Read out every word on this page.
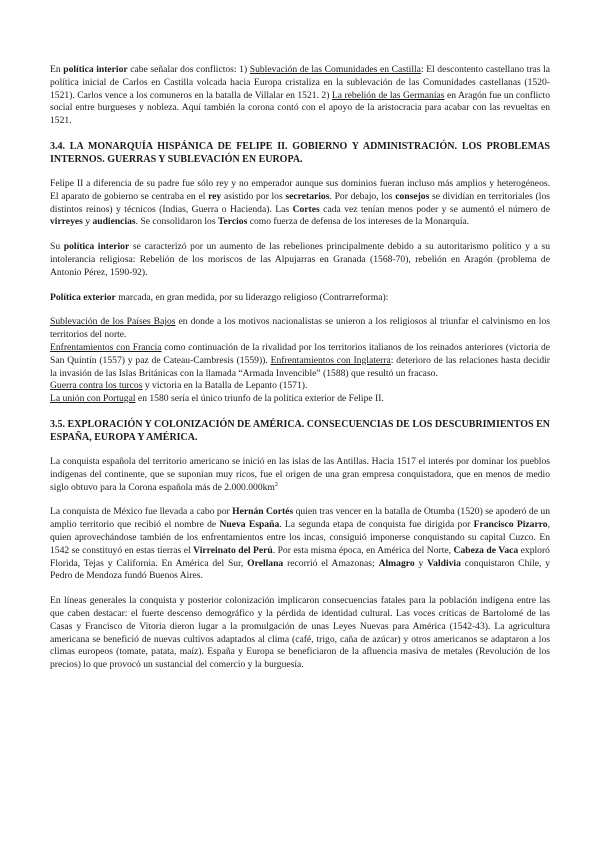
En política interior cabe señalar dos conflictos: 1) Sublevación de las Comunidades en Castilla: El descontento castellano tras la política inicial de Carlos en Castilla volcada hacia Europa cristaliza en la sublevación de las Comunidades castellanas (1520-1521). Carlos vence a los comuneros en la batalla de Villalar en 1521. 2) La rebelión de las Germanías en Aragón fue un conflicto social entre burgueses y nobleza. Aquí también la corona contó con el apoyo de la aristocracia para acabar con las revueltas en 1521.

3.4. LA MONARQUÍA HISPÁNICA DE FELIPE II. GOBIERNO Y ADMINISTRACIÓN. LOS PROBLEMAS INTERNOS. GUERRAS Y SUBLEVACIÓN EN EUROPA.

Felipe II a diferencia de su padre fue sólo rey y no emperador aunque sus dominios fueran incluso más amplios y heterogéneos. El aparato de gobierno se centraba en el rey asistido por los secretarios. Por debajo, los consejos se dividían en territoriales (los distintos reinos) y técnicos (Indias, Guerra o Hacienda). Las Cortes cada vez tenían menos poder y se aumentó el número de virreyes y audiencias. Se consolidaron los Tercios como fuerza de defensa de los intereses de la Monarquía.

Su política interior se caracterizó por un aumento de las rebeliones principalmente debido a su autoritarismo político y a su intolerancia religiosa: Rebelión de los moriscos de las Alpujarras en Granada (1568-70), rebelión en Aragón (problema de Antonio Pérez, 1590-92).

Política exterior marcada, en gran medida, por su liderazgo religioso (Contrarreforma):

Sublevación de los Países Bajos en donde a los motivos nacionalistas se unieron a los religiosos al triunfar el calvinismo en los territorios del norte.

Enfrentamientos con Francia como continuación de la rivalidad por los territorios italianos de los reinados anteriores (victoria de San Quintín (1557) y paz de Cateau-Cambresis (1559)). Enfrentamientos con Inglaterra: deterioro de las relaciones hasta decidir la invasión de las Islas Británicas con la llamada “Armada Invencible” (1588) que resultó un fracaso.

Guerra contra los turcos y victoria en la Batalla de Lepanto (1571).

La unión con Portugal en 1580 sería el único triunfo de la política exterior de Felipe II.

3.5. EXPLORACIÓN Y COLONIZACIÓN DE AMÉRICA. CONSECUENCIAS DE LOS DESCUBRIMIENTOS EN ESPAÑA, EUROPA Y AMÉRICA.

La conquista española del territorio americano se inició en las islas de las Antillas. Hacia 1517 el interés por dominar los pueblos indígenas del continente, que se suponían muy ricos, fue el origen de una gran empresa conquistadora, que en menos de medio siglo obtuvo para la Corona española más de $2.000.000km^2$

La conquista de México fue llevada a cabo por Hernán Cortés quien tras vencer en la batalla de Otumba (1520) se apoderó de un amplio territorio que recibió el nombre de Nueva España. La segunda etapa de conquista fue dirigida por Francisco Pizarro, quien aprovechándose también de los enfrentamientos entre los incas, consiguió imponerse conquistando su capital Cuzco. En 1542 se constituyó en estas tierras el Virreinato del Perú. Por esta misma época, en América del Norte, Cabeza de Vaca exploró Florida, Tejas y California. En América del Sur, Orellana recorrió el Amazonas; Almagro y Valdivia conquistaron Chile, y Pedro de Mendoza fundó Buenos Aires.

En líneas generales la conquista y posterior colonización implicaron consecuencias fatales para la población indígena entre las que caben destacar: el fuerte descenso demográfico y la pérdida de identidad cultural. Las voces críticas de Bartolomé de las Casas y Francisco de Vitoria dieron lugar a la promulgación de unas Leyes Nuevas para América (1542-43). La agricultura americana se benefició de nuevas cultivos adaptados al clima (café, trigo, caña de azúcar) y otros americanos se adaptaron a los climas europeos (tomate, patata, maíz). España y Europa se beneficiaron de la afluencia masiva de metales (Revolución de los precios) lo que provocó un sustancial del comercio y la burguesía.
